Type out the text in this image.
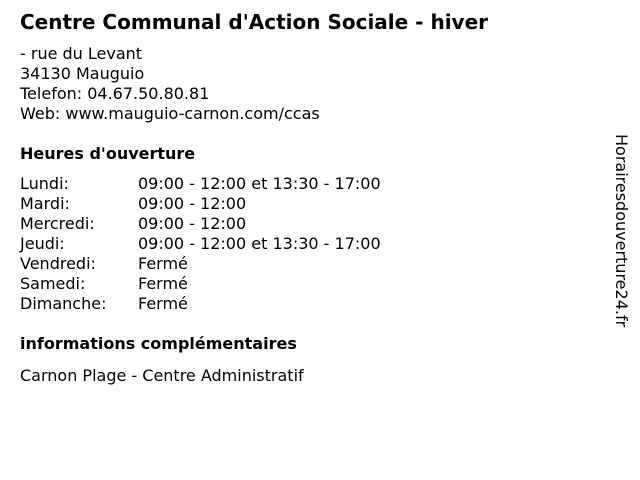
Centre Communal d'Action Sociale - hiver
- rue du Levant
34130 Mauguio
Telefon: 04.67.50.80.81
Web: www.mauguio-carnon.com/ccas
Heures d'ouverture
Lundi:	09:00 - 12:00 et 13:30 - 17:00
Mardi:	09:00 - 12:00
Mercredi:	09:00 - 12:00
Jeudi:	09:00 - 12:00 et 13:30 - 17:00
Vendredi:	Fermé
Samedi:	Fermé
Dimanche:	Fermé
informations complémentaires
Carnon Plage - Centre Administratif
Horairesdouverture24.fr
